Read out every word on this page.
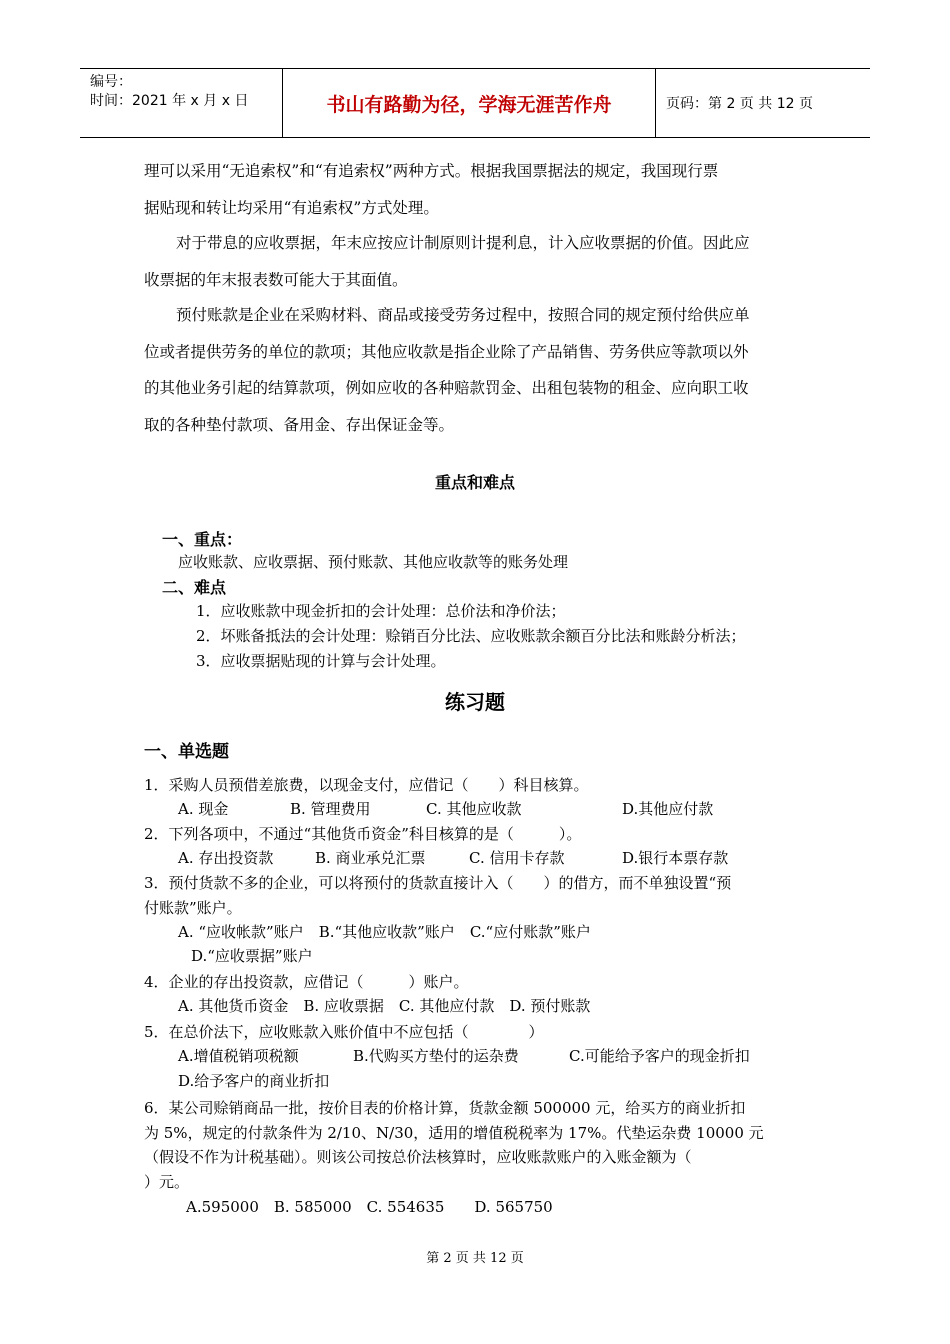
编号：
时间：2021 年 x 月 x 日	书山有路勤为径，学海无涯苦作舟	页码：第 2 页 共 12 页
理可以采用“无追索权”和“有追索权”两种方式。根据我国票据法的规定，我国现行票
据贴现和转让均采用“有追索权”方式处理。
对于带息的应收票据，年末应按应计制原则计提利息，计入应收票据的价值。因此应
收票据的年末报表数可能大于其面值。
预付账款是企业在采购材料、商品或接受劳务过程中，按照合同的规定预付给供应单
位或者提供劳务的单位的款项；其他应收款是指企业除了产品销售、劳务供应等款项以外
的其他业务引起的结算款项，例如应收的各种赔款罚金、出租包装物的租金、应向职工收
取的各种垫付款项、备用金、存出保证金等。
重点和难点
一、重点：
应收账款、应收票据、预付账款、其他应收款等的账务处理
二、难点
1．应收账款中现金折扣的会计处理：总价法和净价法；
2．坏账备抵法的会计处理：赊销百分比法、应收账款余额百分比法和账龄分析法；
3．应收票据贴现的计算与会计处理。
练习题
一、单选题
1．采购人员预借差旅费，以现金支付，应借记（　　）科目核算。
A. 现金	B. 管理费用	C. 其他应收款	D.其他应付款
2．下列各项中，不通过“其他货币资金”科目核算的是（　　　）。
A. 存出投资款	B. 商业承兑汇票	C. 信用卡存款	D.银行本票存款
3．预付货款不多的企业，可以将预付的货款直接计入（　　）的借方，而不单独设置“预
付账款”账户。
A. “应收帐款”账户　B.“其他应收款”账户　C.“应付账款”账户
D.“应收票据”账户
4．企业的存出投资款，应借记（　　　）账户。
A. 其他货币资金　B. 应收票据　C. 其他应付款　D. 预付账款
5．在总价法下，应收账款入账价值中不应包括（　　　　）
A.增值税销项税额	B.代购买方垫付的运杂费	C.可能给予客户的现金折扣
D.给予客户的商业折扣
6．某公司赊销商品一批，按价目表的价格计算，货款金额 500000 元，给买方的商业折扣
为 5%，规定的付款条件为 2/10、N/30，适用的增值税税率为 17%。代垫运杂费 10000 元
（假设不作为计税基础）。则该公司按总价法核算时，应收账款账户的入账金额为（
）元。
A.595000　B. 585000　C. 554635　　D. 565750
第 2 页 共 12 页
